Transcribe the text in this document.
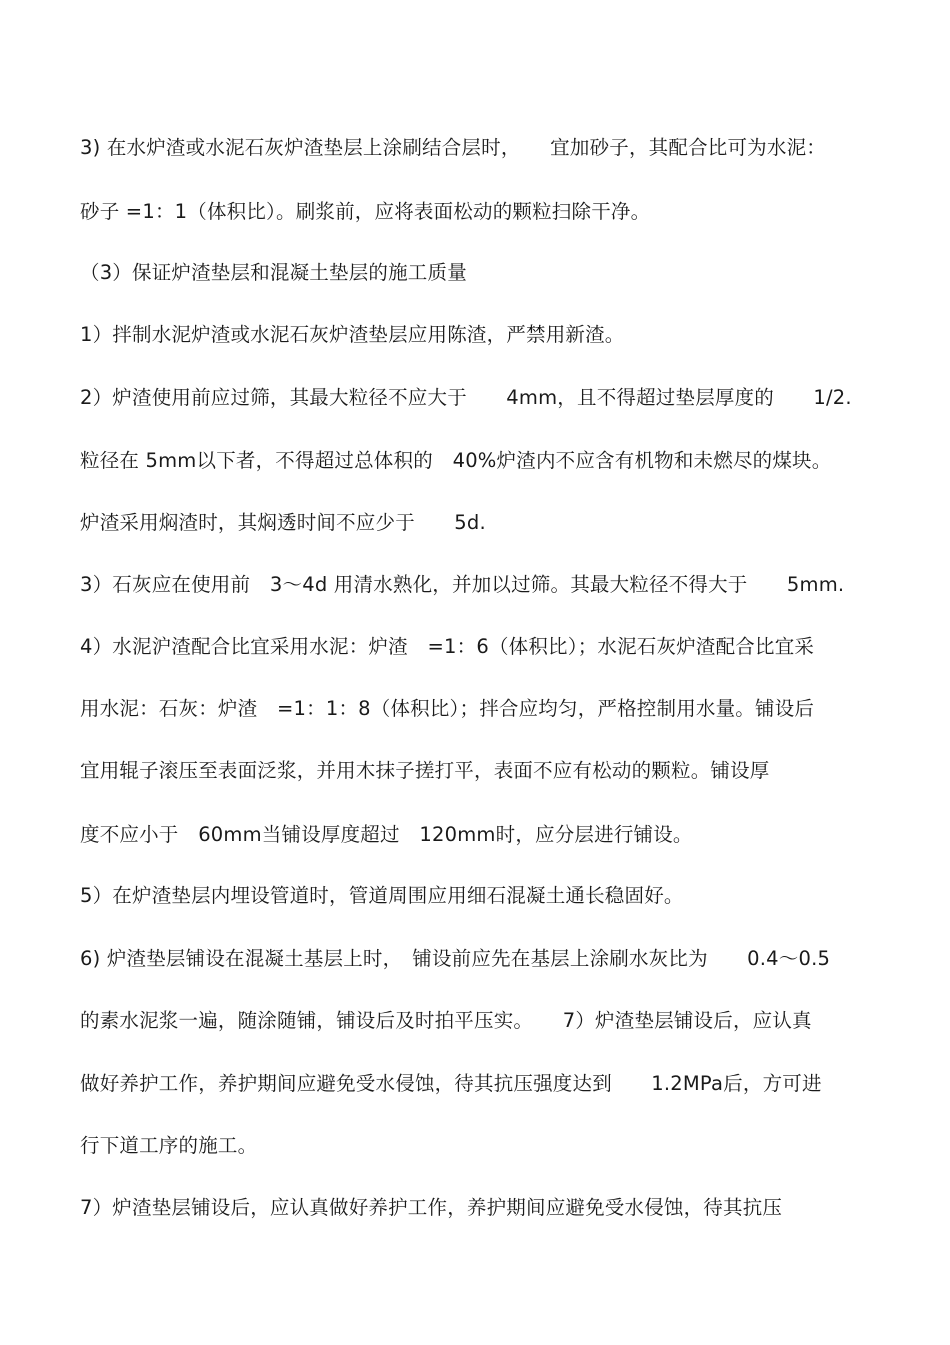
3) 在水炉渣或水泥石灰炉渣垫层上涂刷结合层时，　　宜加砂子，其配合比可为水泥：
砂子 =1：1（体积比）。刷浆前，应将表面松动的颗粒扫除干净。
（3）保证炉渣垫层和混凝土垫层的施工质量
1）拌制水泥炉渣或水泥石灰炉渣垫层应用陈渣，严禁用新渣。
2）炉渣使用前应过筛，其最大粒径不应大于　　4mm，且不得超过垫层厚度的　　1/2.
粒径在 5mm以下者，不得超过总体积的　40%炉渣内不应含有机物和未燃尽的煤块。
炉渣采用焖渣时，其焖透时间不应少于　　5d.
3）石灰应在使用前　3～4d 用清水熟化，并加以过筛。其最大粒径不得大于　　5mm.
4）水泥沪渣配合比宜采用水泥：炉渣　=1：6（体积比）；水泥石灰炉渣配合比宜采
用水泥：石灰：炉渣　=1：1：8（体积比）；拌合应均匀，严格控制用水量。铺设后
宜用辊子滚压至表面泛浆，并用木抹子搓打平，表面不应有松动的颗粒。铺设厚
度不应小于　60mm当铺设厚度超过　120mm时，应分层进行铺设。
5）在炉渣垫层内埋设管道时，管道周围应用细石混凝土通长稳固好。
6) 炉渣垫层铺设在混凝土基层上时，　铺设前应先在基层上涂刷水灰比为　　0.4～0.5
的素水泥浆一遍，随涂随铺，铺设后及时拍平压实。　　7）炉渣垫层铺设后，应认真
做好养护工作，养护期间应避免受水侵蚀，待其抗压强度达到　　1.2MPa后，方可进
行下道工序的施工。
7）炉渣垫层铺设后，应认真做好养护工作，养护期间应避免受水侵蚀，待其抗压
